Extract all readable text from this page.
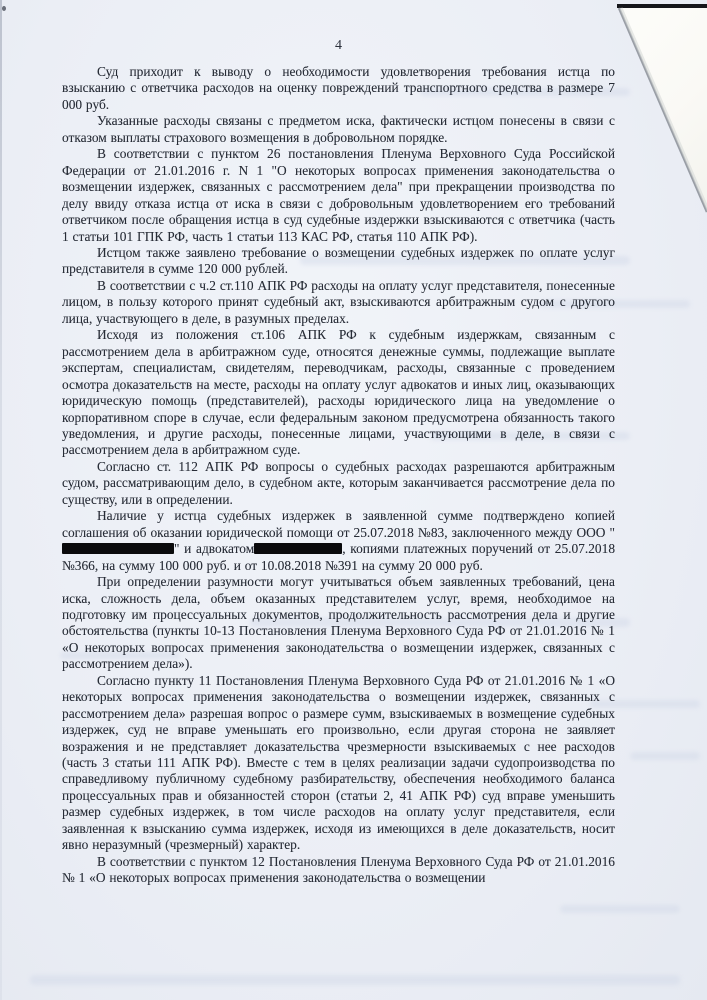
4

Суд приходит к выводу о необходимости удовлетворения требования истца по взысканию с ответчика расходов на оценку повреждений транспортного средства в размере 7 000 руб.

Указанные расходы связаны с предметом иска, фактически истцом понесены в связи с отказом выплаты страхового возмещения в добровольном порядке.

В соответствии с пунктом 26 постановления Пленума Верховного Суда Российской Федерации от 21.01.2016 г. N 1 "О некоторых вопросах применения законодательства о возмещении издержек, связанных с рассмотрением дела" при прекращении производства по делу ввиду отказа истца от иска в связи с добровольным удовлетворением его требований ответчиком после обращения истца в суд судебные издержки взыскиваются с ответчика (часть 1 статьи 101 ГПК РФ, часть 1 статьи 113 КАС РФ, статья 110 АПК РФ).

Истцом также заявлено требование о возмещении судебных издержек по оплате услуг представителя в сумме 120 000 рублей.

В соответствии с ч.2 ст.110 АПК РФ расходы на оплату услуг представителя, понесенные лицом, в пользу которого принят судебный акт, взыскиваются арбитражным судом с другого лица, участвующего в деле, в разумных пределах.

Исходя из положения ст.106 АПК РФ к судебным издержкам, связанным с рассмотрением дела в арбитражном суде, относятся денежные суммы, подлежащие выплате экспертам, специалистам, свидетелям, переводчикам, расходы, связанные с проведением осмотра доказательств на месте, расходы на оплату услуг адвокатов и иных лиц, оказывающих юридическую помощь (представителей), расходы юридического лица на уведомление о корпоративном споре в случае, если федеральным законом предусмотрена обязанность такого уведомления, и другие расходы, понесенные лицами, участвующими в деле, в связи с рассмотрением дела в арбитражном суде.

Согласно ст. 112 АПК РФ вопросы о судебных расходах разрешаются арбитражным судом, рассматривающим дело, в судебном акте, которым заканчивается рассмотрение дела по существу, или в определении.

Наличие у истца судебных издержек в заявленной сумме подтверждено копией соглашения об оказании юридической помощи от 25.07.2018 №83, заключенного между ООО "" и адвокатом	, копиями платежных поручений от 25.07.2018 №366, на сумму 100 000 руб. и от 10.08.2018 №391 на сумму 20 000 руб.

При определении разумности могут учитываться объем заявленных требований, цена иска, сложность дела, объем оказанных представителем услуг, время, необходимое на подготовку им процессуальных документов, продолжительность рассмотрения дела и другие обстоятельства (пункты 10-13 Постановления Пленума Верховного Суда РФ от 21.01.2016 № 1 «О некоторых вопросах применения законодательства о возмещении издержек, связанных с рассмотрением дела»).

Согласно пункту 11 Постановления Пленума Верховного Суда РФ от 21.01.2016 № 1 «О некоторых вопросах применения законодательства о возмещении издержек, связанных с рассмотрением дела» разрешая вопрос о размере сумм, взыскиваемых в возмещение судебных издержек, суд не вправе уменьшать его произвольно, если другая сторона не заявляет возражения и не представляет доказательства чрезмерности взыскиваемых с нее расходов (часть 3 статьи 111 АПК РФ). Вместе с тем в целях реализации задачи судопроизводства по справедливому публичному судебному разбирательству, обеспечения необходимого баланса процессуальных прав и обязанностей сторон (статьи 2, 41 АПК РФ) суд вправе уменьшить размер судебных издержек, в том числе расходов на оплату услуг представителя, если заявленная к взысканию сумма издержек, исходя из имеющихся в деле доказательств, носит явно неразумный (чрезмерный) характер.

В соответствии с пунктом 12 Постановления Пленума Верховного Суда РФ от 21.01.2016 № 1 «О некоторых вопросах применения законодательства о возмещении
